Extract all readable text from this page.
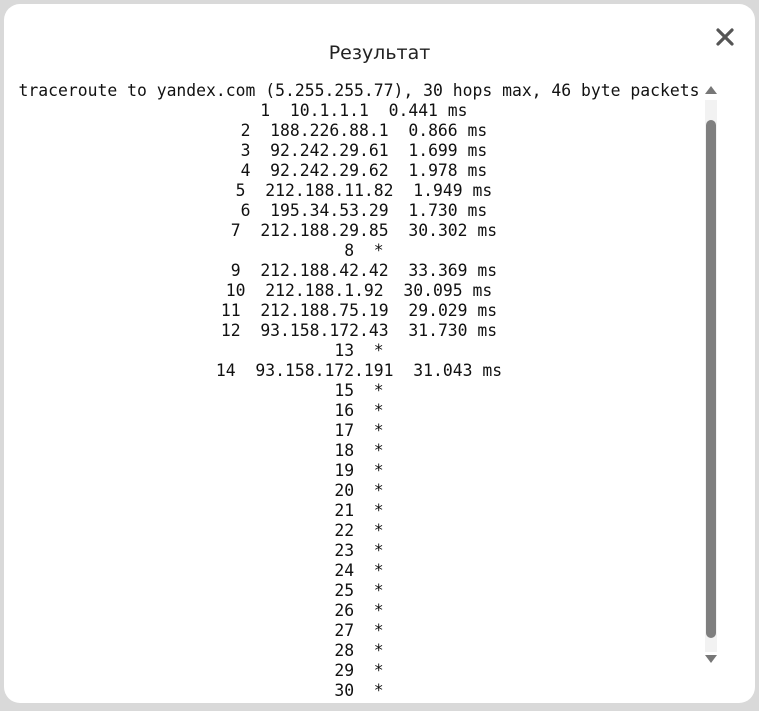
Результат
traceroute to yandex.com (5.255.255.77), 30 hops max, 46 byte packets
1  10.1.1.1  0.441 ms
2  188.226.88.1  0.866 ms
3  92.242.29.61  1.699 ms
4  92.242.29.62  1.978 ms
5  212.188.11.82  1.949 ms
6  195.34.53.29  1.730 ms
7  212.188.29.85  30.302 ms
8  *
9  212.188.42.42  33.369 ms
10  212.188.1.92  30.095 ms
11  212.188.75.19  29.029 ms
12  93.158.172.43  31.730 ms
13  *
14  93.158.172.191  31.043 ms
15  *
16  *
17  *
18  *
19  *
20  *
21  *
22  *
23  *
24  *
25  *
26  *
27  *
28  *
29  *
30  *
